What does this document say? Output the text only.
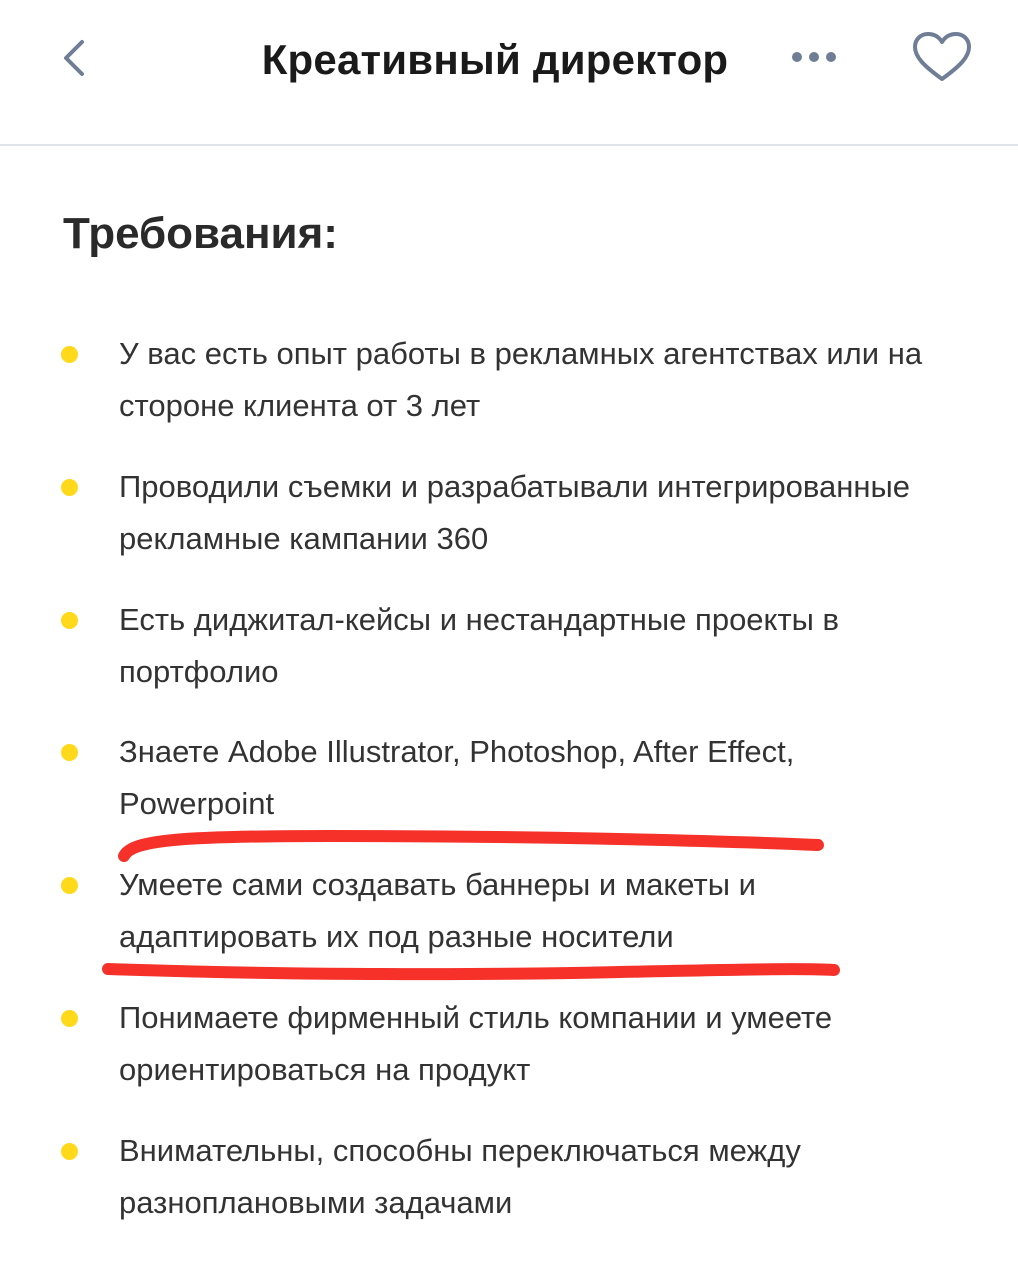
Креативный директор
Требования:
У вас есть опыт работы в рекламных агентствах или на стороне клиента от 3 лет
Проводили съемки и разрабатывали интегрированные рекламные кампании 360
Есть диджитал-кейсы и нестандартные проекты в портфолио
Знаете Adobe Illustrator, Photoshop, After Effect, Powerpoint
Умеете сами создавать баннеры и макеты и адаптировать их под разные носители
Понимаете фирменный стиль компании и умеете ориентироваться на продукт
Внимательны, способны переключаться между разноплановыми задачами
